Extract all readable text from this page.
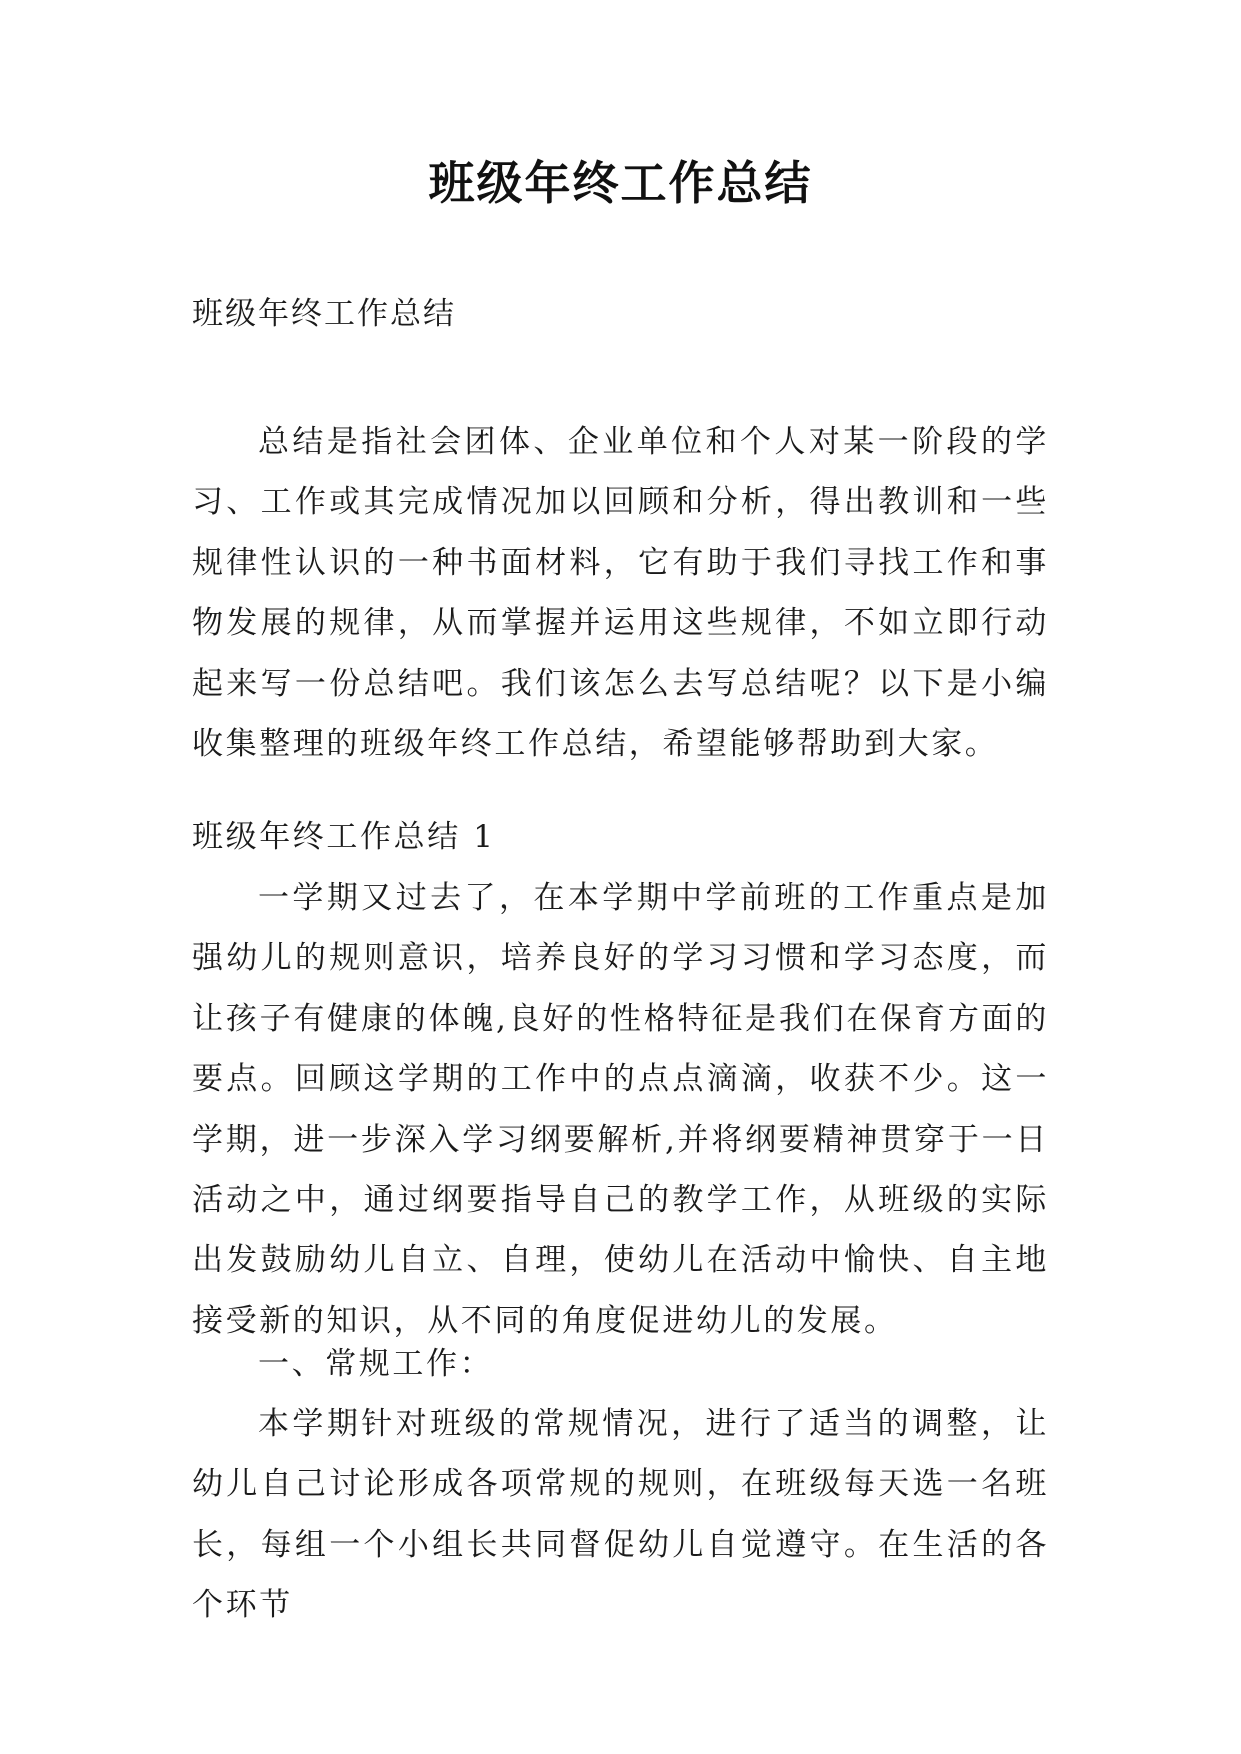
班级年终工作总结
班级年终工作总结

总结是指社会团体、企业单位和个人对某一阶段的学习、工作或其完成情况加以回顾和分析，得出教训和一些规律性认识的一种书面材料，它有助于我们寻找工作和事物发展的规律，从而掌握并运用这些规律，不如立即行动起来写一份总结吧。我们该怎么去写总结呢？以下是小编收集整理的班级年终工作总结，希望能够帮助到大家。

班级年终工作总结 1

一学期又过去了，在本学期中学前班的工作重点是加强幼儿的规则意识，培养良好的学习习惯和学习态度，而让孩子有健康的体魄,良好的性格特征是我们在保育方面的要点。回顾这学期的工作中的点点滴滴，收获不少。这一学期，进一步深入学习纲要解析,并将纲要精神贯穿于一日活动之中，通过纲要指导自己的教学工作，从班级的实际出发鼓励幼儿自立、自理，使幼儿在活动中愉快、自主地接受新的知识，从不同的角度促进幼儿的发展。

一、常规工作：

本学期针对班级的常规情况，进行了适当的调整，让幼儿自己讨论形成各项常规的规则，在班级每天选一名班长，每组一个小组长共同督促幼儿自觉遵守。在生活的各个环节
